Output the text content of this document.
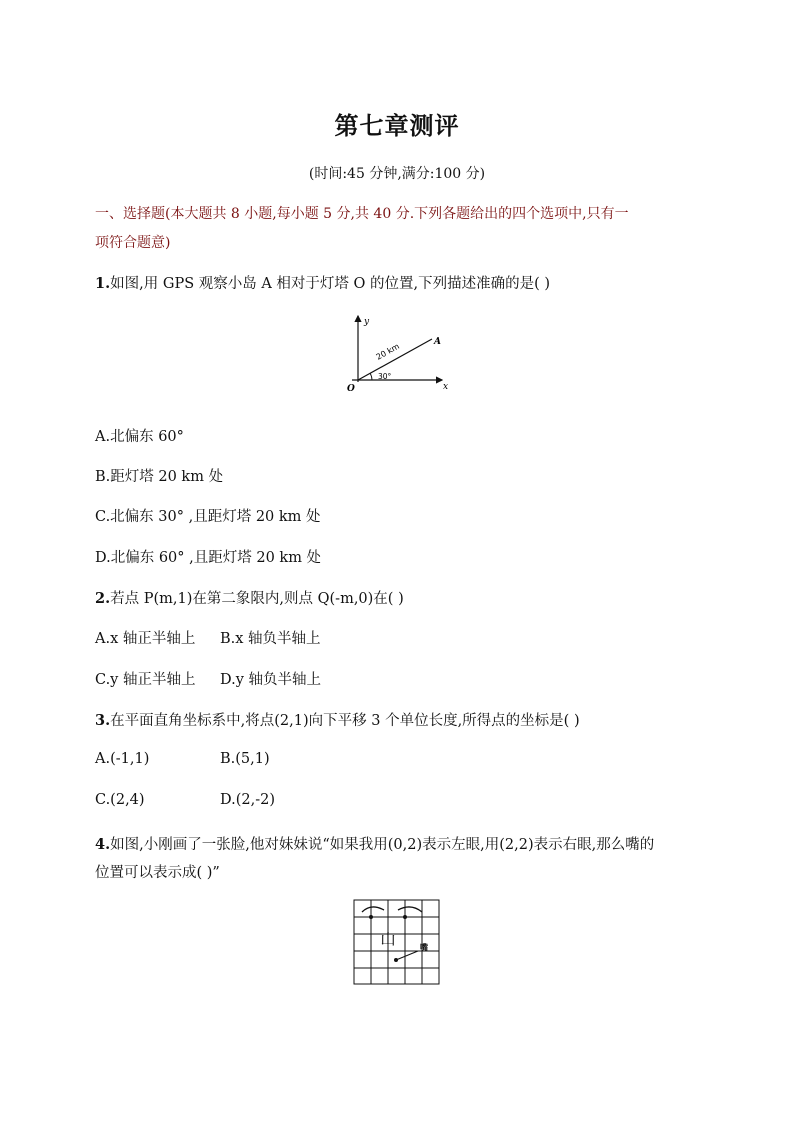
第七章测评
(时间:45 分钟,满分:100 分)
一、选择题(本大题共 8 小题,每小题 5 分,共 40 分.下列各题给出的四个选项中,只有一
项符合题意)
1.如图,用 GPS 观察小岛 A 相对于灯塔 O 的位置,下列描述准确的是( )
y
x
O
A
20 km
30°
A.北偏东 60°
B.距灯塔 20 km 处
C.北偏东 30° ,且距灯塔 20 km 处
D.北偏东 60° ,且距灯塔 20 km 处
2.若点 P(m,1)在第二象限内,则点 Q(-m,0)在( )
A.x 轴正半轴上 B.x 轴负半轴上
C.y 轴正半轴上 D.y 轴负半轴上
3.在平面直角坐标系中,将点(2,1)向下平移 3 个单位长度,所得点的坐标是( )
A.(-1,1)	B.(5,1)
C.(2,4)	D.(2,-2)
4.如图,小刚画了一张脸,他对妹妹说“如果我用(0,2)表示左眼,用(2,2)表示右眼,那么嘴的
位置可以表示成( )”
山	嘴
